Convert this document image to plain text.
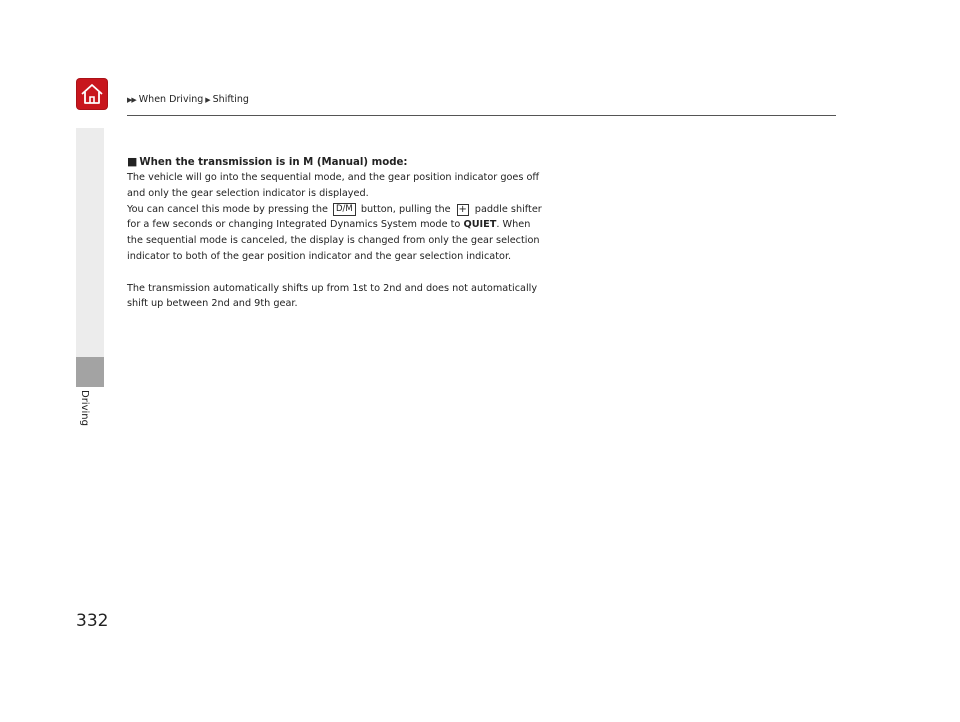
▶▶ When Driving ▶ Shifting
Driving
■ When the transmission is in M (Manual) mode:

The vehicle will go into the sequential mode, and the gear position indicator goes off
and only the gear selection indicator is displayed.

You can cancel this mode by pressing the D/M button, pulling the + paddle shifter
for a few seconds or changing Integrated Dynamics System mode to QUIET. When
the sequential mode is canceled, the display is changed from only the gear selection
indicator to both of the gear position indicator and the gear selection indicator.

The transmission automatically shifts up from 1st to 2nd and does not automatically
shift up between 2nd and 9th gear.

332
